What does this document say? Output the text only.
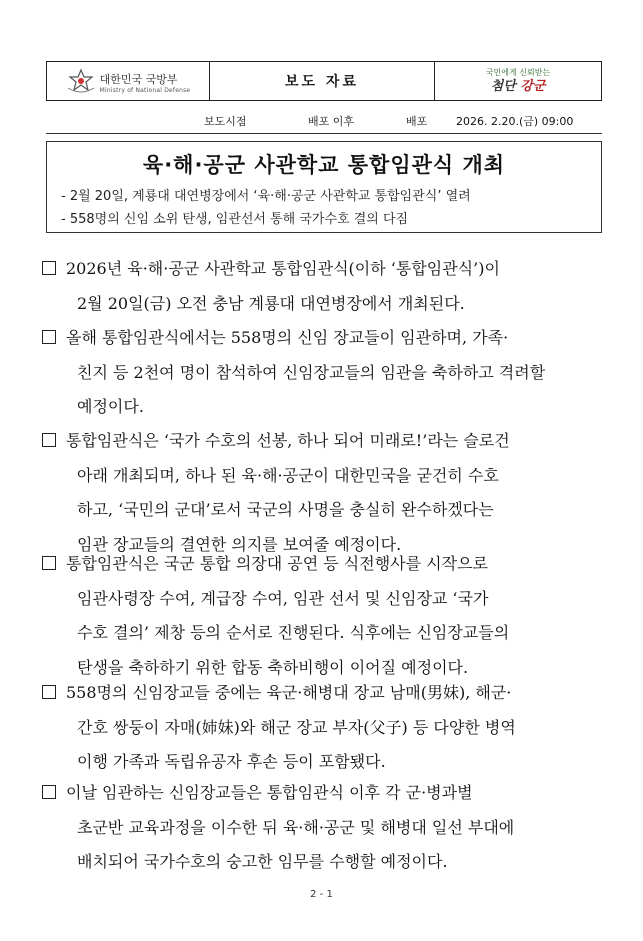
대한민국 국방부
Ministry of National Defense
보도 자료
국민에게 신뢰받는
첨단 강군
보도시점	배포 이후	배포	2026. 2.20.(금) 09:00
육·해·공군 사관학교 통합임관식 개최
- 2월 20일, 계룡대 대연병장에서 ‘육·해·공군 사관학교 통합임관식’ 열려
- 558명의 신임 소위 탄생, 임관선서 통해 국가수호 결의 다짐
2026년 육·해·공군 사관학교 통합임관식(이하 ‘통합임관식’)이
2월 20일(금) 오전 충남 계룡대 대연병장에서 개최된다.
올해 통합임관식에서는 558명의 신임 장교들이 임관하며, 가족·
친지 등 2천여 명이 참석하여 신임장교들의 임관을 축하하고 격려할
예정이다.
통합임관식은 ‘국가 수호의 선봉, 하나 되어 미래로!’라는 슬로건
아래 개최되며, 하나 된 육·해·공군이 대한민국을 굳건히 수호
하고, ‘국민의 군대’로서 국군의 사명을 충실히 완수하겠다는
임관 장교들의 결연한 의지를 보여줄 예정이다.
통합임관식은 국군 통합 의장대 공연 등 식전행사를 시작으로
임관사령장 수여, 계급장 수여, 임관 선서 및 신임장교 ‘국가
수호 결의’ 제창 등의 순서로 진행된다. 식후에는 신임장교들의
탄생을 축하하기 위한 합동 축하비행이 이어질 예정이다.
558명의 신임장교들 중에는 육군·해병대 장교 남매(男妹), 해군·
간호 쌍둥이 자매(姉妹)와 해군 장교 부자(父子) 등 다양한 병역
이행 가족과 독립유공자 후손 등이 포함됐다.
이날 임관하는 신임장교들은 통합임관식 이후 각 군·병과별
초군반 교육과정을 이수한 뒤 육·해·공군 및 해병대 일선 부대에
배치되어 국가수호의 숭고한 임무를 수행할 예정이다.
2 - 1
